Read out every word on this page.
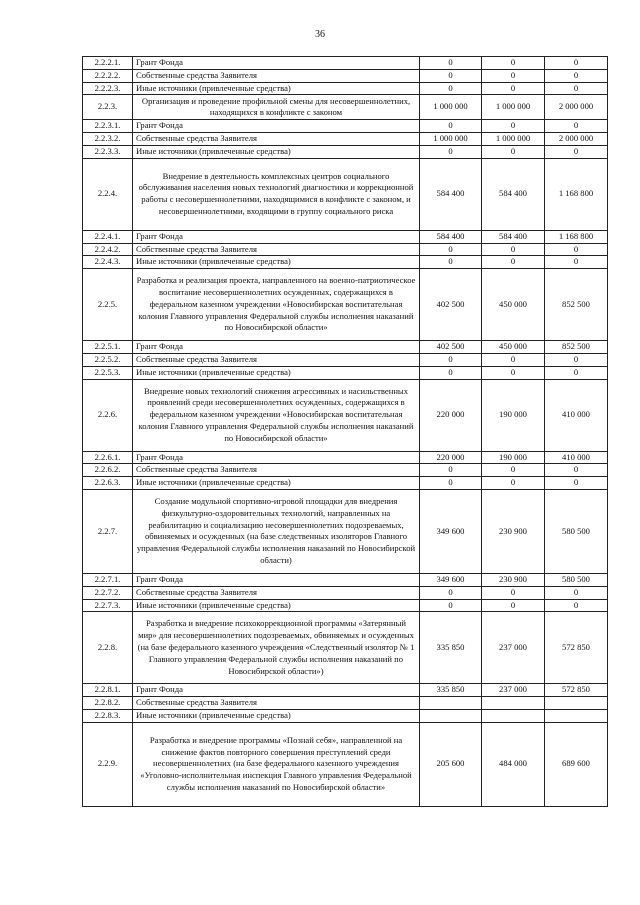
36
2.2.2.1.	Грант Фонда	0	0	0
2.2.2.2.	Собственные средства Заявителя	0	0	0
2.2.2.3.	Иные источники (привлеченные средства)	0	0	0
2.2.3.	Организация и проведение профильной смены для несовершеннолетних, находящихся в конфликте с законом	1 000 000	1 000 000	2 000 000
2.2.3.1.	Грант Фонда	0	0	0
2.2.3.2.	Собственные средства Заявителя	1 000 000	1 000 000	2 000 000
2.2.3.3.	Иные источники (привлеченные средства)	0	0	0
2.2.4.	Внедрение в деятельность комплексных центров социального обслуживания населения новых технологий диагностики и коррекционной работы с несовершеннолетними, находящимися в конфликте с законом, и несовершеннолетними, входящими в группу социального риска	584 400	584 400	1 168 800
2.2.4.1.	Грант Фонда	584 400	584 400	1 168 800
2.2.4.2.	Собственные средства Заявителя	0	0	0
2.2.4.3.	Иные источники (привлеченные средства)	0	0	0
2.2.5.	Разработка и реализация проекта, направленного на военно-патриотическое воспитание несовершеннолетних осужденных, содержащихся в федеральном казенном учреждении «Новосибирская воспитательная колония Главного управления Федеральной службы исполнения наказаний по Новосибирской области»	402 500	450 000	852 500
2.2.5.1.	Грант Фонда	402 500	450 000	852 500
2.2.5.2.	Собственные средства Заявителя	0	0	0
2.2.5.3.	Иные источники (привлеченные средства)	0	0	0
2.2.6.	Внедрение новых технологий снижения агрессивных и насильственных проявлений среди несовершеннолетних осужденных, содержащихся в федеральном казенном учреждении «Новосибирская воспитательная колония Главного управления Федеральной службы исполнения наказаний по Новосибирской области»	220 000	190 000	410 000
2.2.6.1.	Грант Фонда	220 000	190 000	410 000
2.2.6.2.	Собственные средства Заявителя	0	0	0
2.2.6.3.	Иные источники (привлеченные средства)	0	0	0
2.2.7.	Создание модульной спортивно-игровой площадки для внедрения физкультурно-оздоровительных технологий, направленных на реабилитацию и социализацию несовершеннолетних подозреваемых, обвиняемых и осужденных (на базе следственных изоляторов Главного управления Федеральной службы исполнения наказаний по Новосибирской области)	349 600	230 900	580 500
2.2.7.1.	Грант Фонда	349 600	230 900	580 500
2.2.7.2.	Собственные средства Заявителя	0	0	0
2.2.7.3.	Иные источники (привлеченные средства)	0	0	0
2.2.8.	Разработка и внедрение психокоррекционной программы «Затерянный мир» для несовершеннолетних подозреваемых, обвиняемых и осужденных (на базе федерального казенного учреждения «Следственный изолятор № 1 Главного управления Федеральной службы исполнения наказаний по Новосибирской области»)	335 850	237 000	572 850
2.2.8.1.	Грант Фонда	335 850	237 000	572 850
2.2.8.2.	Собственные средства Заявителя			
2.2.8.3.	Иные источники (привлеченные средства)			
2.2.9.	Разработка и внедрение программы «Познай себя», направленной на снижение фактов повторного совершения преступлений среди несовершеннолетних (на базе федерального казенного учреждения «Уголовно-исполнительная инспекция Главного управления Федеральной службы исполнения наказаний по Новосибирской области»	205 600	484 000	689 600
